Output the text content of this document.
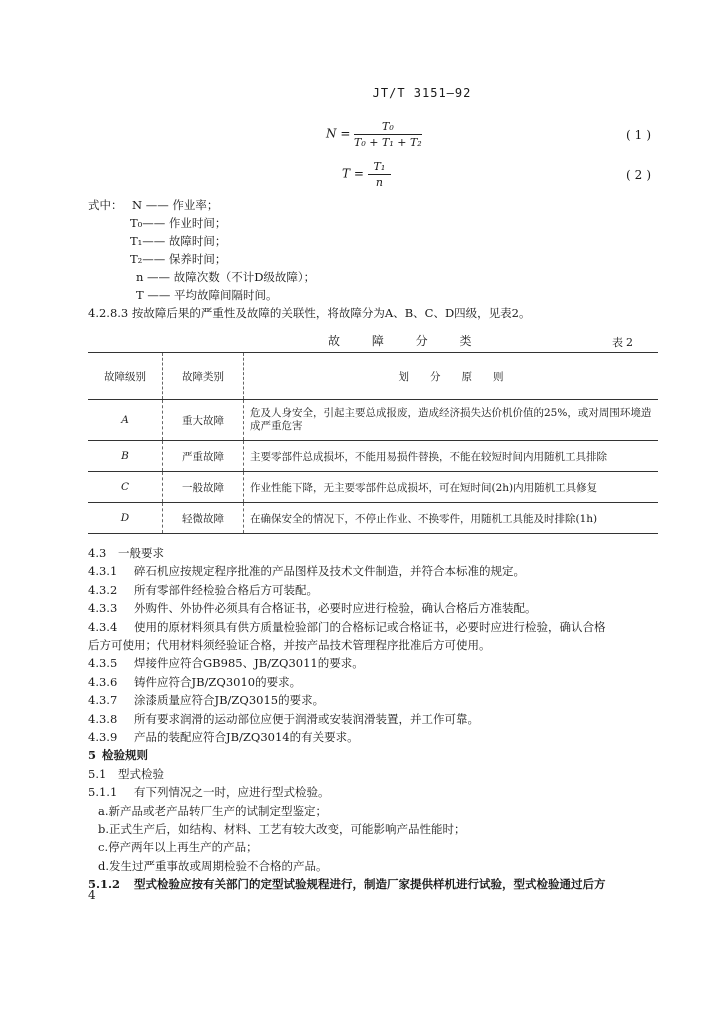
JT/T 3151—92
$N = \frac{\text{T₀}}{\text{T₀ + T₁ + T₂}}$	(1)
$T = \frac{\text{T₁}}{n}$	(2)
式中： N —— 作业率；
T₀—— 作业时间；
T₁—— 故障时间；
T₂—— 保养时间；
n —— 故障次数（不计D级故障）；
T —— 平均故障间隔时间。
4.2.8.3 按故障后果的严重性及故障的关联性，将故障分为A、B、C、D四级，见表2。
故 障 分 类	表2
故障级别	故障类别	划　　分　　原　　则
A	重大故障	危及人身安全，引起主要总成报废，造成经济损失达价机价值的25%，或对周围环境造成严重危害
B	严重故障	主要零部件总成损坏，不能用易损件替换，不能在较短时间内用随机工具排除
C	一般故障	作业性能下降，无主要零部件总成损坏，可在短时间(2h)内用随机工具修复
D	轻微故障	在确保安全的情况下，不停止作业、不换零件，用随机工具能及时排除(1h)
4.3 一般要求
4.3.1 碎石机应按规定程序批准的产品图样及技术文件制造，并符合本标准的规定。
4.3.2 所有零部件经检验合格后方可装配。
4.3.3 外购件、外协件必须具有合格证书，必要时应进行检验，确认合格后方准装配。
4.3.4 使用的原材料须具有供方质量检验部门的合格标记或合格证书，必要时应进行检验，确认合格
后方可使用；代用材料须经验证合格，并按产品技术管理程序批准后方可使用。
4.3.5 焊接件应符合GB985、JB/ZQ3011的要求。
4.3.6 铸件应符合JB/ZQ3010的要求。
4.3.7 涂漆质量应符合JB/ZQ3015的要求。
4.3.8 所有要求润滑的运动部位应便于润滑或安装润滑装置，并工作可靠。
4.3.9 产品的装配应符合JB/ZQ3014的有关要求。
5 检验规则
5.1 型式检验
5.1.1 有下列情况之一时，应进行型式检验。
a.新产品或老产品转厂生产的试制定型鉴定；
b.正式生产后，如结构、材料、工艺有较大改变，可能影响产品性能时；
c.停产两年以上再生产的产品；
d.发生过严重事故或周期检验不合格的产品。
5.1.2 型式检验应按有关部门的定型试验规程进行，制造厂家提供样机进行试验，型式检验通过后方
4
